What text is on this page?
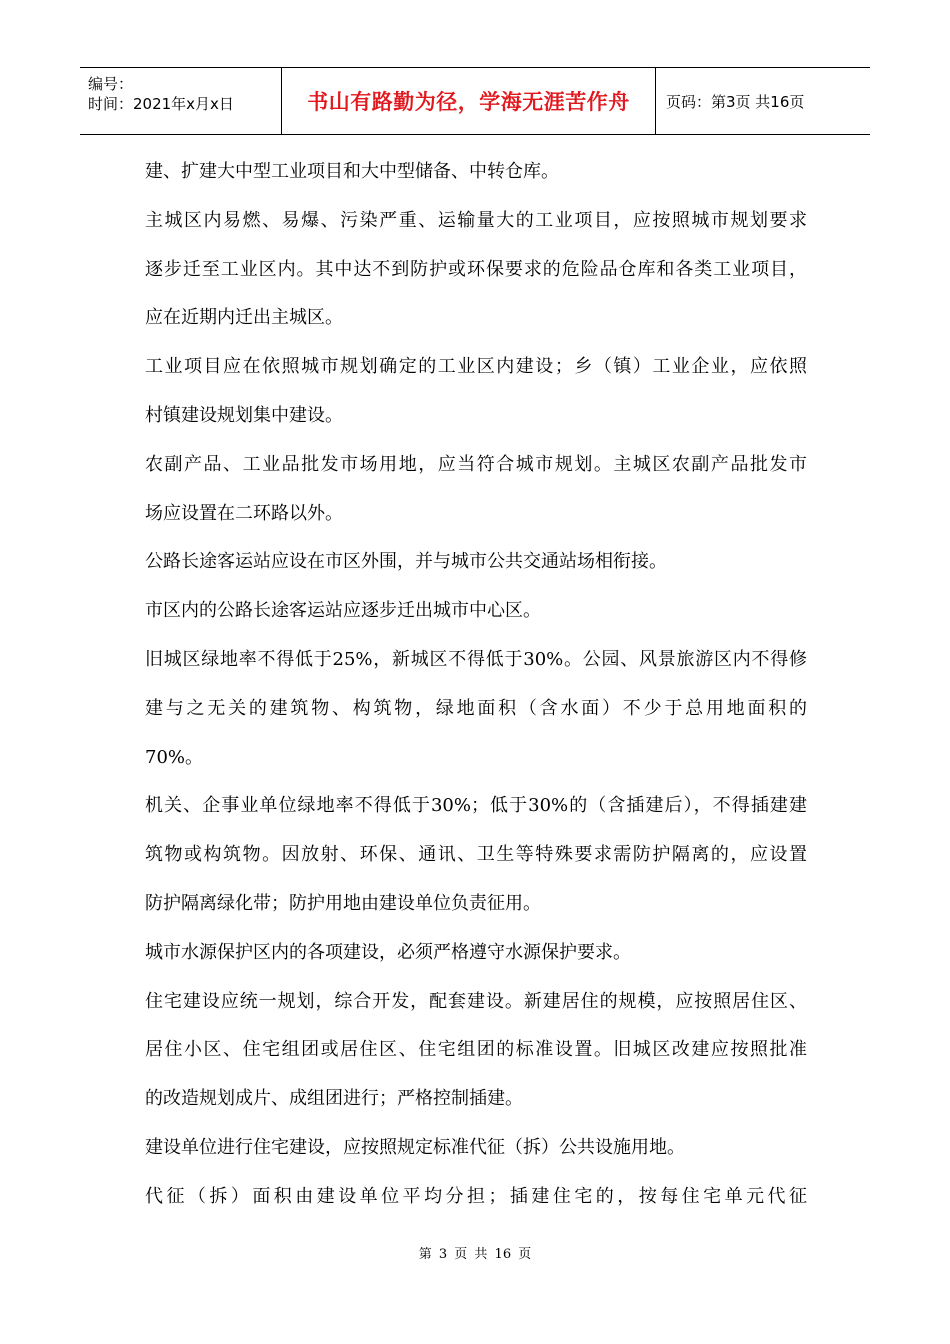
编号：
时间：2021年x月x日	书山有路勤为径，学海无涯苦作舟	页码：第3页 共16页
建、扩建大中型工业项目和大中型储备、中转仓库。
主城区内易燃、易爆、污染严重、运输量大的工业项目，应按照城市规划要求
逐步迁至工业区内。其中达不到防护或环保要求的危险品仓库和各类工业项目，
应在近期内迁出主城区。
工业项目应在依照城市规划确定的工业区内建设；乡（镇）工业企业，应依照
村镇建设规划集中建设。
农副产品、工业品批发市场用地，应当符合城市规划。主城区农副产品批发市
场应设置在二环路以外。
公路长途客运站应设在市区外围，并与城市公共交通站场相衔接。
市区内的公路长途客运站应逐步迁出城市中心区。
旧城区绿地率不得低于25%，新城区不得低于30%。公园、风景旅游区内不得修
建与之无关的建筑物、构筑物，绿地面积（含水面）不少于总用地面积的
70%。
机关、企事业单位绿地率不得低于30%；低于30%的（含插建后），不得插建建
筑物或构筑物。因放射、环保、通讯、卫生等特殊要求需防护隔离的，应设置
防护隔离绿化带；防护用地由建设单位负责征用。
城市水源保护区内的各项建设，必须严格遵守水源保护要求。
住宅建设应统一规划，综合开发，配套建设。新建居住的规模，应按照居住区、
居住小区、住宅组团或居住区、住宅组团的标准设置。旧城区改建应按照批准
的改造规划成片、成组团进行；严格控制插建。
建设单位进行住宅建设，应按照规定标准代征（拆）公共设施用地。
代征（拆）面积由建设单位平均分担；插建住宅的，按每住宅单元代征
第 3 页 共 16 页
